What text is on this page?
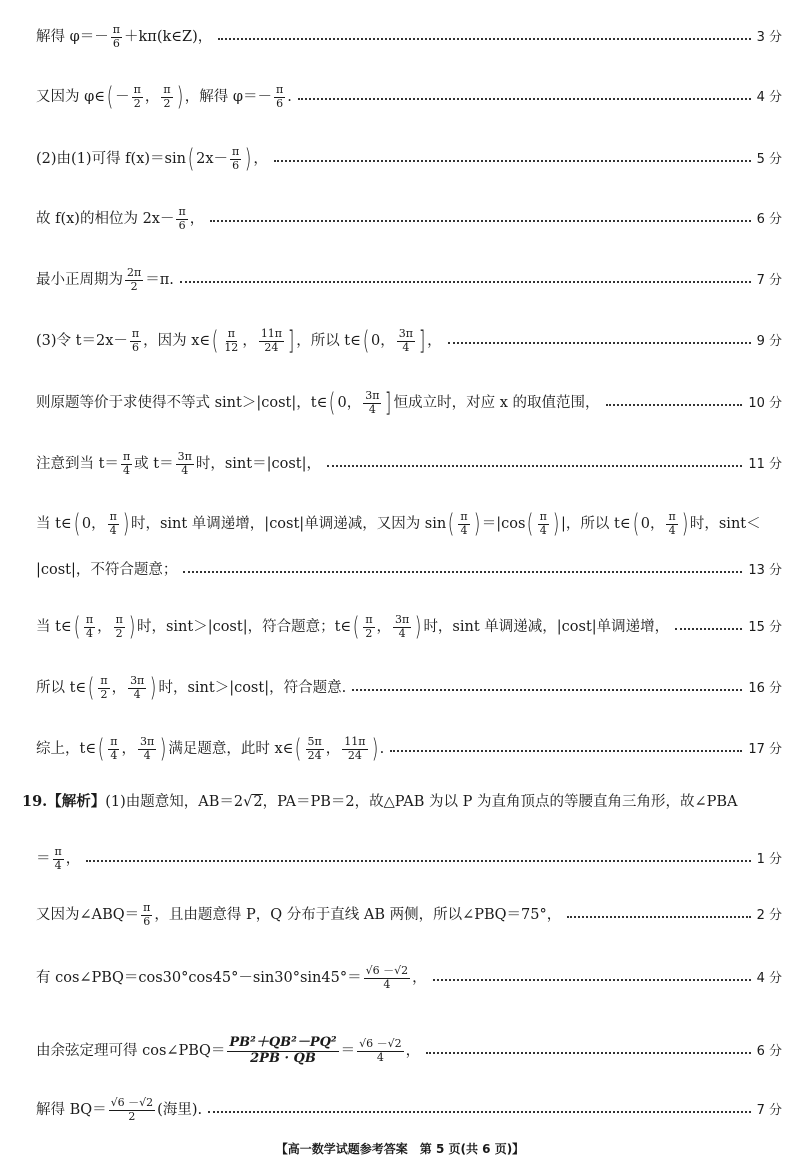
解得 $\varphi=- \frac{\pi}{6}$ ＋kπ(k∈Z)，	3 分
又因为 φ∈ ( － $\frac{\pi}{2}$ ， $\frac{\pi}{2}$ ) ，解得 $\varphi=- \frac{\pi}{6}$ .	4 分
(2)由(1)可得 f(x)＝sin ( $2x- \frac{\pi}{6}$ ) ，	5 分
故 f(x)的相位为 $2x- \frac{\pi}{6}$ ，	6 分
最小正周期为 $\frac{2\pi}{2} =\pi$.	7 分
(3)令 $t=2x- \frac{\pi}{6}$ ，因为 x∈ ( $\frac{\pi}{12}$ ， $\frac{11\pi}{24}$ ] ，所以 t∈ ( 0 ， $\frac{3\pi}{4}$ ] ，	9 分
则原题等价于求使得不等式 sint＞|cost|，t∈ ( 0 ， $\frac{3\pi}{4}$ ] 恒成立时，对应 x 的取值范围，	10 分
注意到当 $t= \frac{\pi}{4}$ 或 $t= \frac{3\pi}{4}$ 时，sint＝|cost|，	11 分
当 t∈ ( 0 ， $\frac{\pi}{4}$ ) 时，sint 单调递增，|cost|单调递减，又因为 sin ( $\frac{\pi}{4}$ ) ＝|cos ( $\frac{\pi}{4}$ ) |，所以 t∈ ( 0 ， $\frac{\pi}{4}$ ) 时，sint＜
|cost|，不符合题意；	13 分
当 t∈ ( $\frac{\pi}{4}$ ， $\frac{\pi}{2}$ ) 时，sint＞|cost|，符合题意；t∈ ( $\frac{\pi}{2}$ ， $\frac{3\pi}{4}$ ) 时，sint 单调递减，|cost|单调递增，	15 分
所以 t∈ ( $\frac{\pi}{2}$ ， $\frac{3\pi}{4}$ ) 时，sint＞|cost|，符合题意.	16 分
综上，t∈ ( $\frac{\pi}{4}$ ， $\frac{3\pi}{4}$ ) 满足题意，此时 x∈ ( $\frac{5\pi}{24}$ ， $\frac{11\pi}{24}$ ) .	17 分
19.【解析】 (1)由题意知，AB＝2 √ 2 ，PA＝PB＝2，故△PAB 为以 P 为直角顶点的等腰直角三角形，故∠PBA
＝ $\frac{\pi}{4}$ ，	1 分
又因为∠ABQ＝ $\frac{\pi}{6}$ ，且由题意得 P，Q 分布于直线 AB 两侧，所以∠PBQ＝75°，	2 分
有 cos∠PBQ＝cos30°cos45°－sin30°sin45°＝ $\frac{√6 -√2}{4}$ ，	4 分
由余弦定理可得 cos∠PBQ＝ $\frac{\text{PB²＋QB²－PQ²}}{2PB \cdot QB} = \frac{√6 -√2}{4}$ ，	6 分
解得 $BQ= \frac{√6 -√2}{2}$ (海里).	7 分
【高一数学试题参考答案　第 5 页(共 6 页)】
